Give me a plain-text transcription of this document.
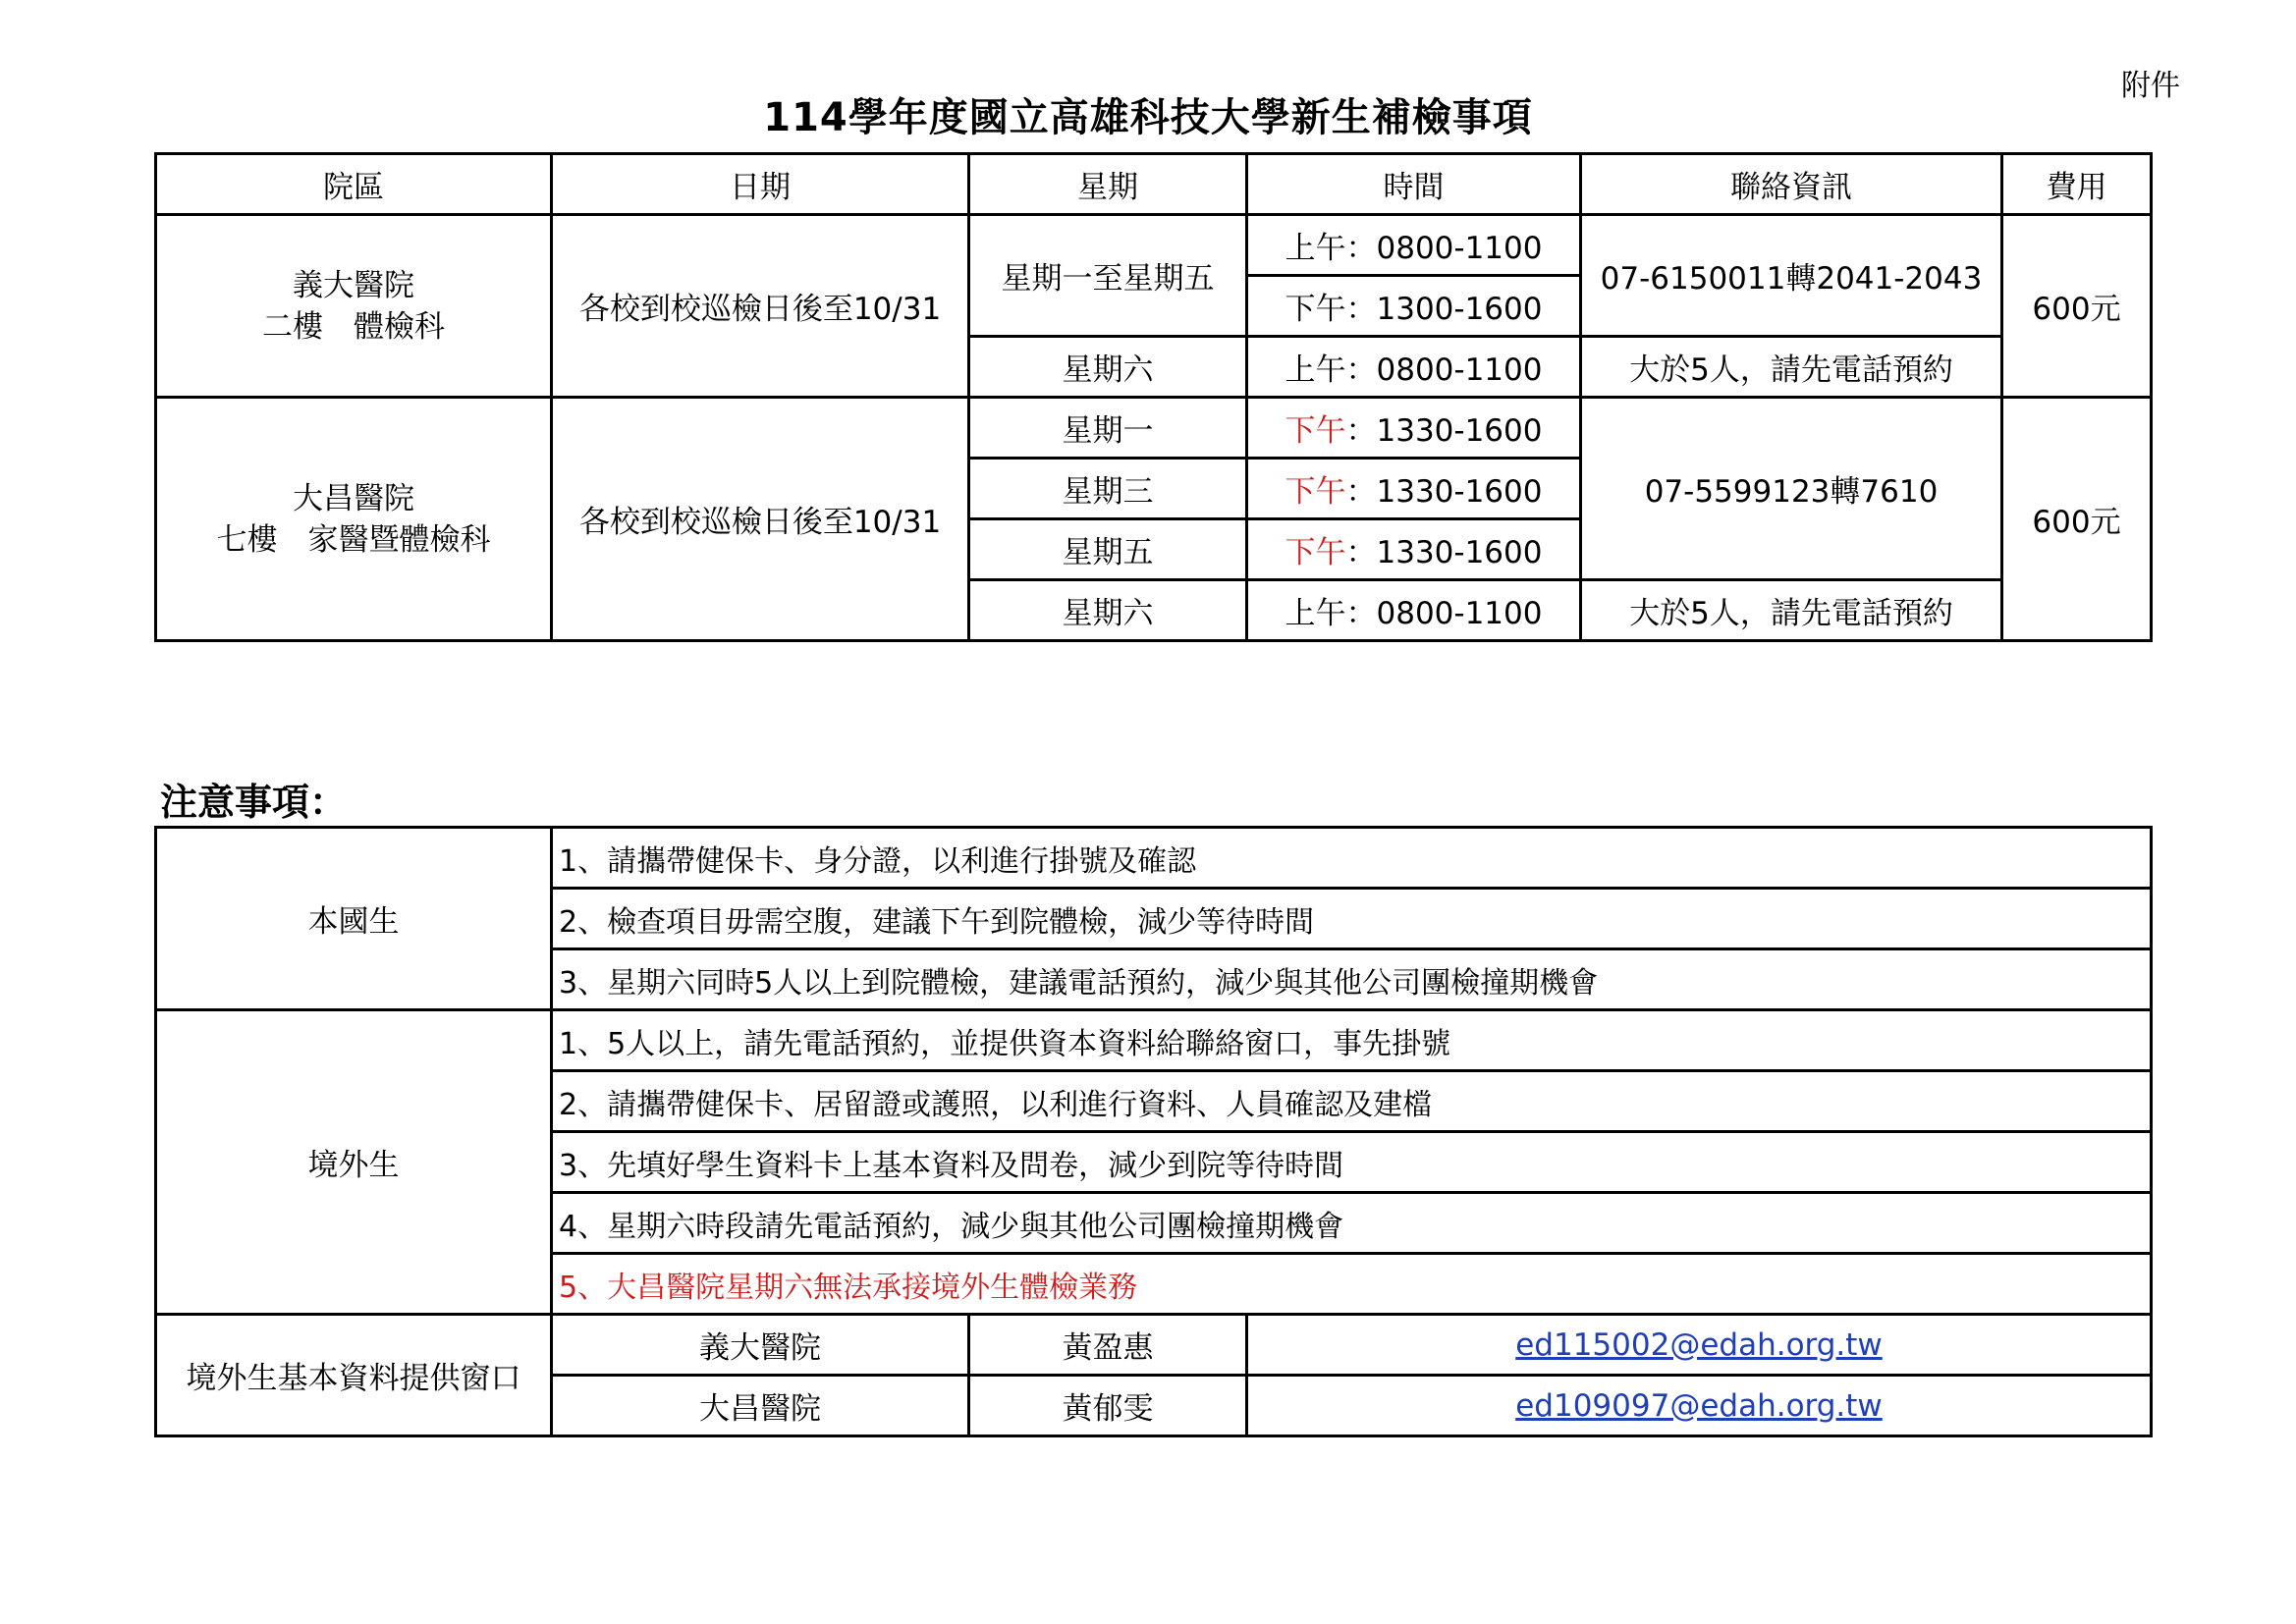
附件
114學年度國立高雄科技大學新生補檢事項
院區	日期	星期	時間	聯絡資訊	費用

義大醫院
二樓　體檢科	各校到校巡檢日後至10/31	星期一至星期五	上午：0800-1100	07-6150011轉2041-2043	600元
			下午：1300-1600		
		星期六	上午：0800-1100	大於5人，請先電話預約	

大昌醫院
七樓　家醫暨體檢科	各校到校巡檢日後至10/31	星期一	下午：1330-1600	07-5599123轉7610	600元
		星期三	下午：1330-1600		
		星期五	下午：1330-1600		
		星期六	上午：0800-1100	大於5人，請先電話預約	
注意事項：
本國生	1、請攜帶健保卡、身分證，以利進行掛號及確認		
	2、檢查項目毋需空腹，建議下午到院體檢，減少等待時間		
	3、星期六同時5人以上到院體檢，建議電話預約，減少與其他公司團檢撞期機會		
境外生	1、5人以上，請先電話預約，並提供資本資料給聯絡窗口，事先掛號		
	2、請攜帶健保卡、居留證或護照，以利進行資料、人員確認及建檔		
	3、先填好學生資料卡上基本資料及問卷，減少到院等待時間		
	4、星期六時段請先電話預約，減少與其他公司團檢撞期機會		
	5、大昌醫院星期六無法承接境外生體檢業務		
境外生基本資料提供窗口	義大醫院	黃盈惠	ed115002@edah.org.tw
	大昌醫院	黃郁雯	ed109097@edah.org.tw
